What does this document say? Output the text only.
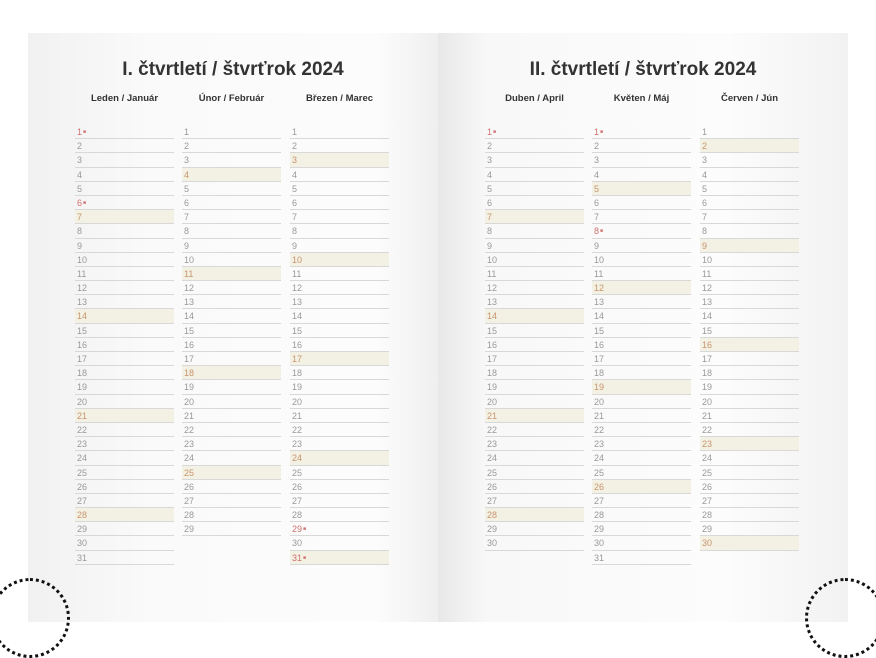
I. čtvrtletí / štvrťrok 2024
Leden / Január
1■
2
3
4
5
6■
7
8
9
10
11
12
13
14
15
16
17
18
19
20
21
22
23
24
25
26
27
28
29
30
31
Únor / Február
1
2
3
4
5
6
7
8
9
10
11
12
13
14
15
16
17
18
19
20
21
22
23
24
25
26
27
28
29
Březen / Marec
1
2
3
4
5
6
7
8
9
10
11
12
13
14
15
16
17
18
19
20
21
22
23
24
25
26
27
28
29■
30
31■
II. čtvrtletí / štvrťrok 2024
Duben / April
1■
2
3
4
5
6
7
8
9
10
11
12
13
14
15
16
17
18
19
20
21
22
23
24
25
26
27
28
29
30
Květen / Máj
1■
2
3
4
5
6
7
8■
9
10
11
12
13
14
15
16
17
18
19
20
21
22
23
24
25
26
27
28
29
30
31
Červen / Jún
1
2
3
4
5
6
7
8
9
10
11
12
13
14
15
16
17
18
19
20
21
22
23
24
25
26
27
28
29
30
